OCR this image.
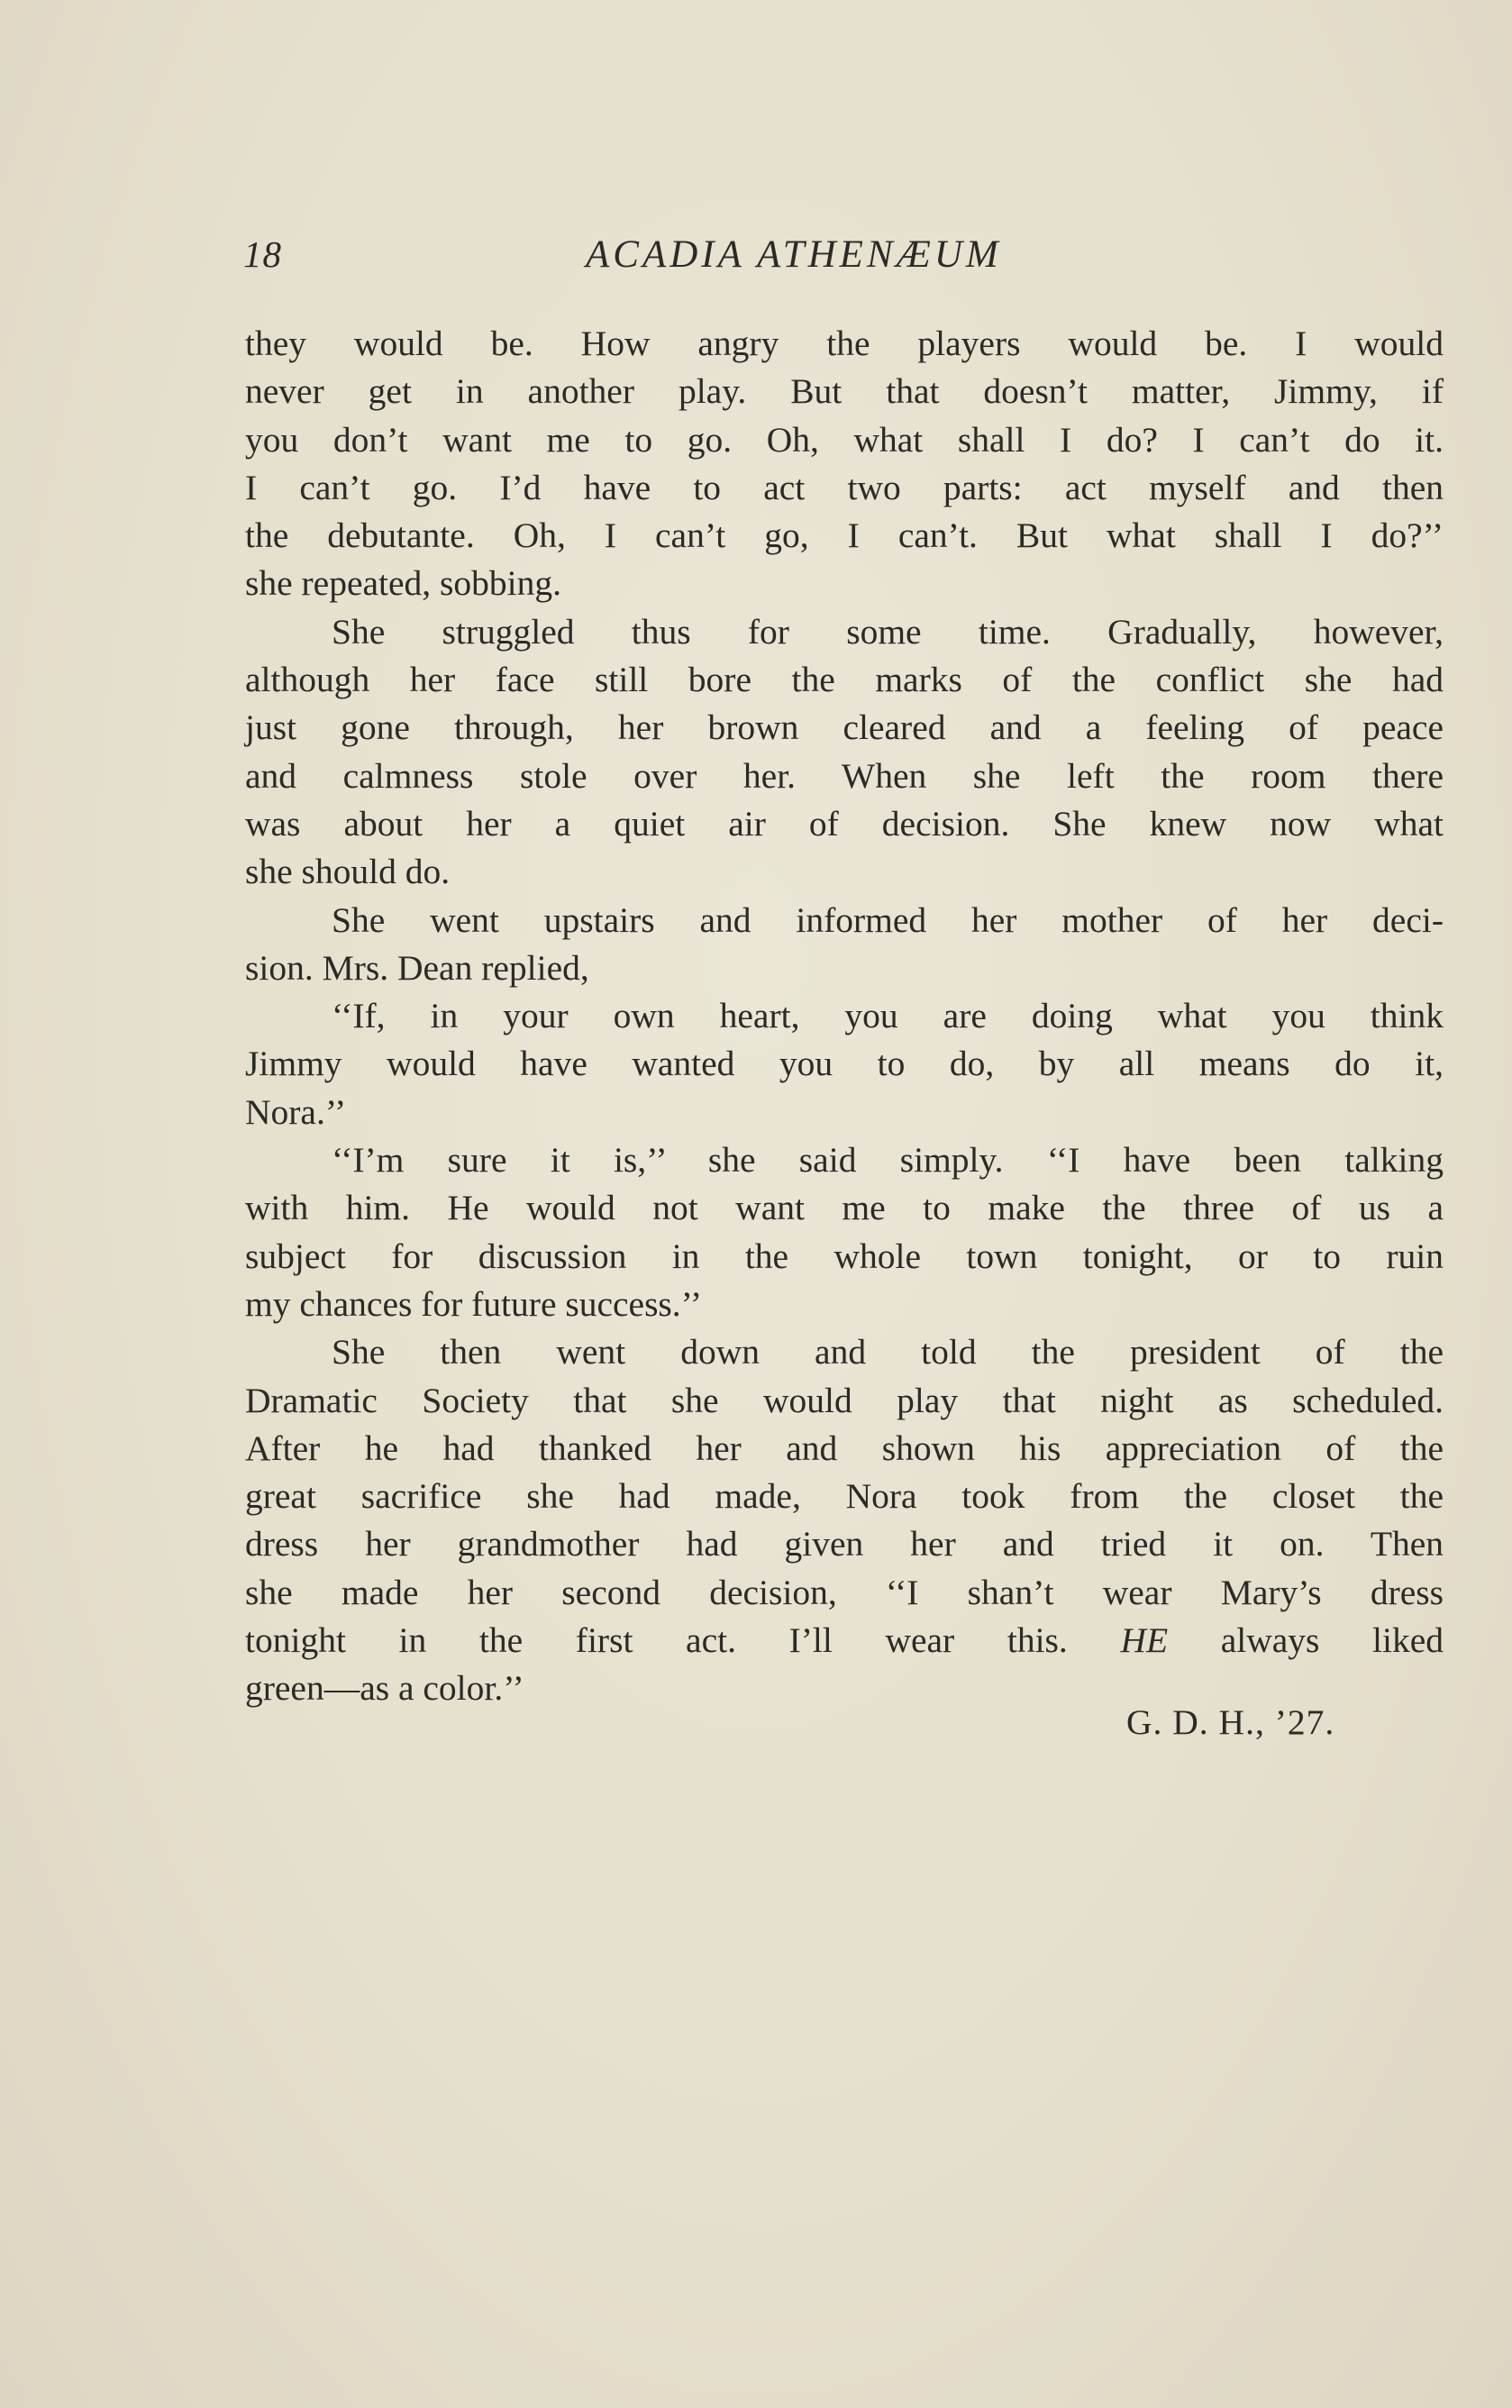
18	ACADIA ATHENÆUM
they would be. How angry the players would be. I would
never get in another play. But that doesn’t matter, Jimmy, if
you don’t want me to go. Oh, what shall I do? I can’t do it.
I can’t go. I’d have to act two parts: act myself and then
the debutante. Oh, I can’t go, I can’t. But what shall I do?’’
she repeated, sobbing.
She struggled thus for some time. Gradually, however,
although her face still bore the marks of the conflict she had
just gone through, her brown cleared and a feeling of peace
and calmness stole over her. When she left the room there
was about her a quiet air of decision. She knew now what
she should do.
She went upstairs and informed her mother of her deci-
sion. Mrs. Dean replied,
‘‘If, in your own heart, you are doing what you think
Jimmy would have wanted you to do, by all means do it,
Nora.’’
‘‘I’m sure it is,’’ she said simply. ‘‘I have been talking
with him. He would not want me to make the three of us a
subject for discussion in the whole town tonight, or to ruin
my chances for future success.’’
She then went down and told the president of the
Dramatic Society that she would play that night as scheduled.
After he had thanked her and shown his appreciation of the
great sacrifice she had made, Nora took from the closet the
dress her grandmother had given her and tried it on. Then
she made her second decision, ‘‘I shan’t wear Mary’s dress
tonight in the first act. I’ll wear this. HE always liked
green—as a color.’’
G. D. H., ’27.
